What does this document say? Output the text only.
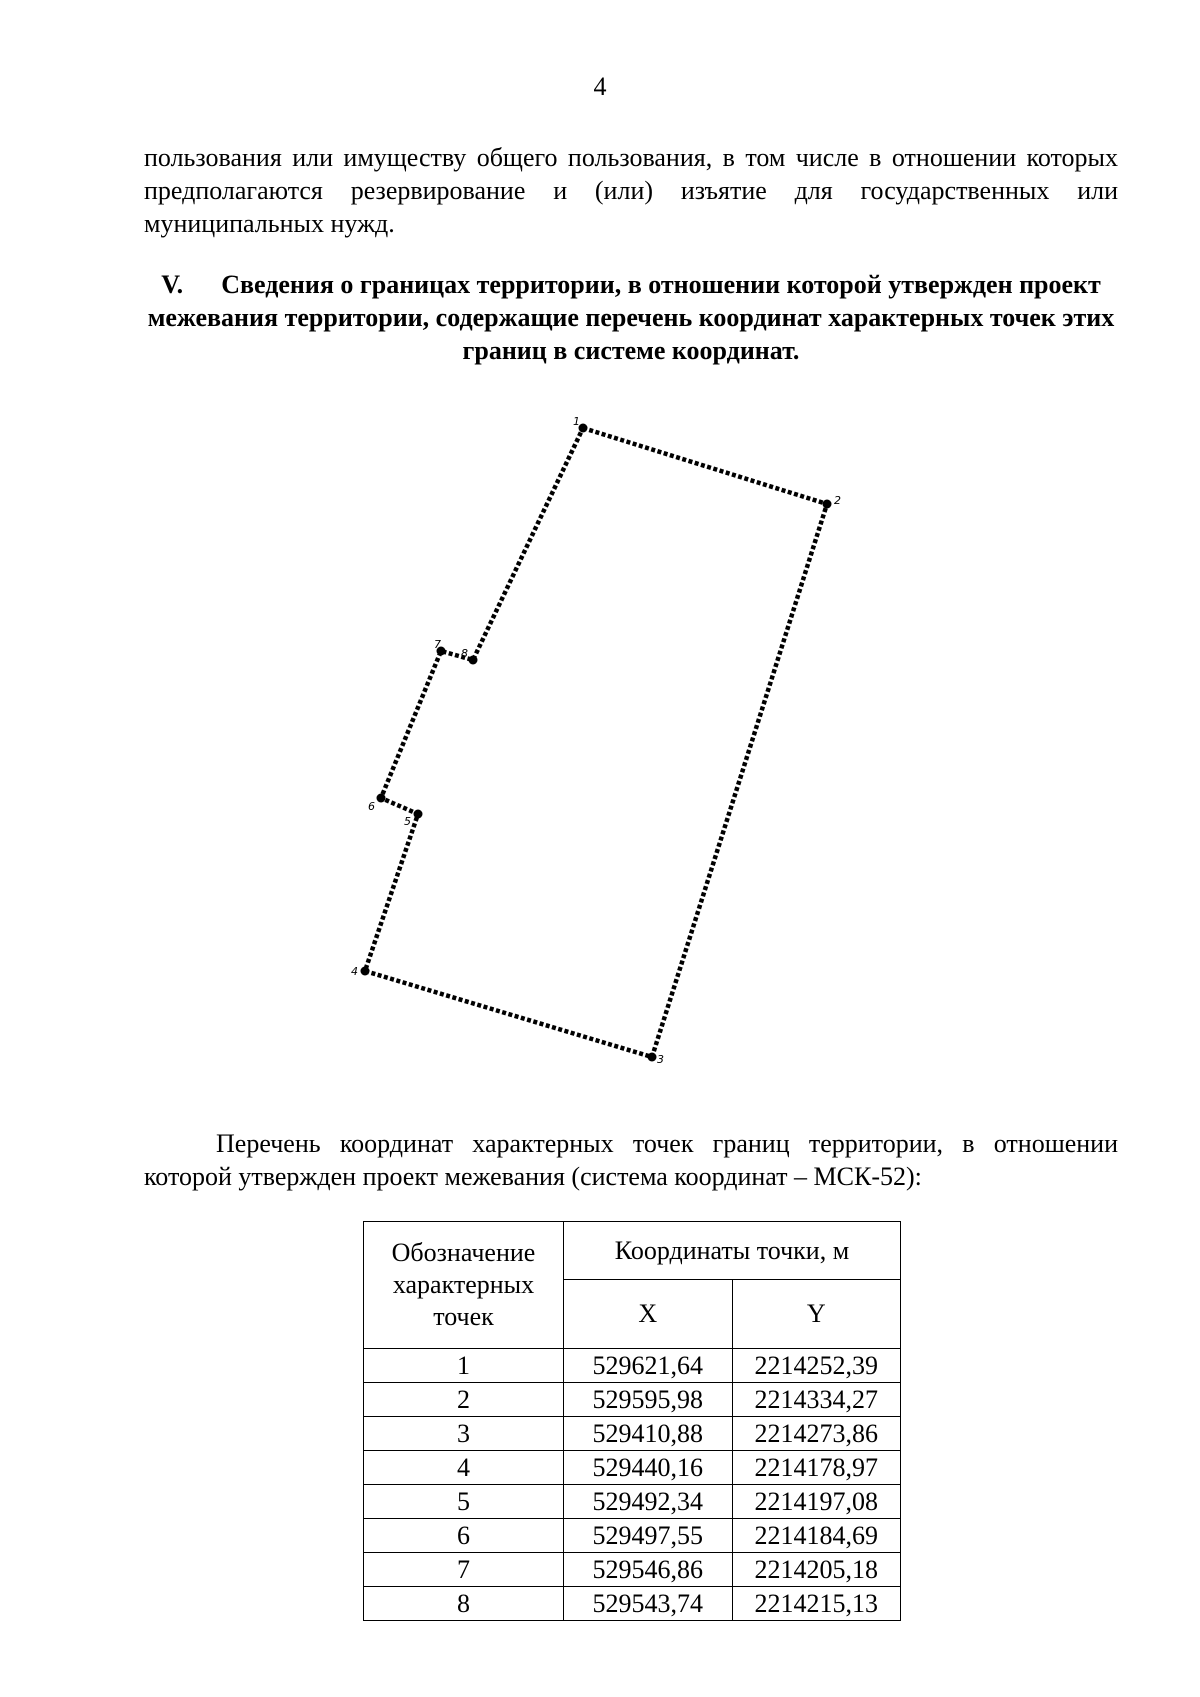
4

пользования или имуществу общего пользования, в том числе в отношении которых предполагаются резервирование и (или) изъятие для государственных или муниципальных нужд.

V. Сведения о границах территории, в отношении которой утвержден проект межевания территории, содержащие перечень координат характерных точек этих границ в системе координат.

1
2
3
4
5
6
7
8

Перечень координат характерных точек границ территории, в отношении которой утвержден проект межевания (система координат – МСК-52):

Обозначение характерных точек	Координаты точки, м	
	X	Y
1	529621,64	2214252,39
2	529595,98	2214334,27
3	529410,88	2214273,86
4	529440,16	2214178,97
5	529492,34	2214197,08
6	529497,55	2214184,69
7	529546,86	2214205,18
8	529543,74	2214215,13
